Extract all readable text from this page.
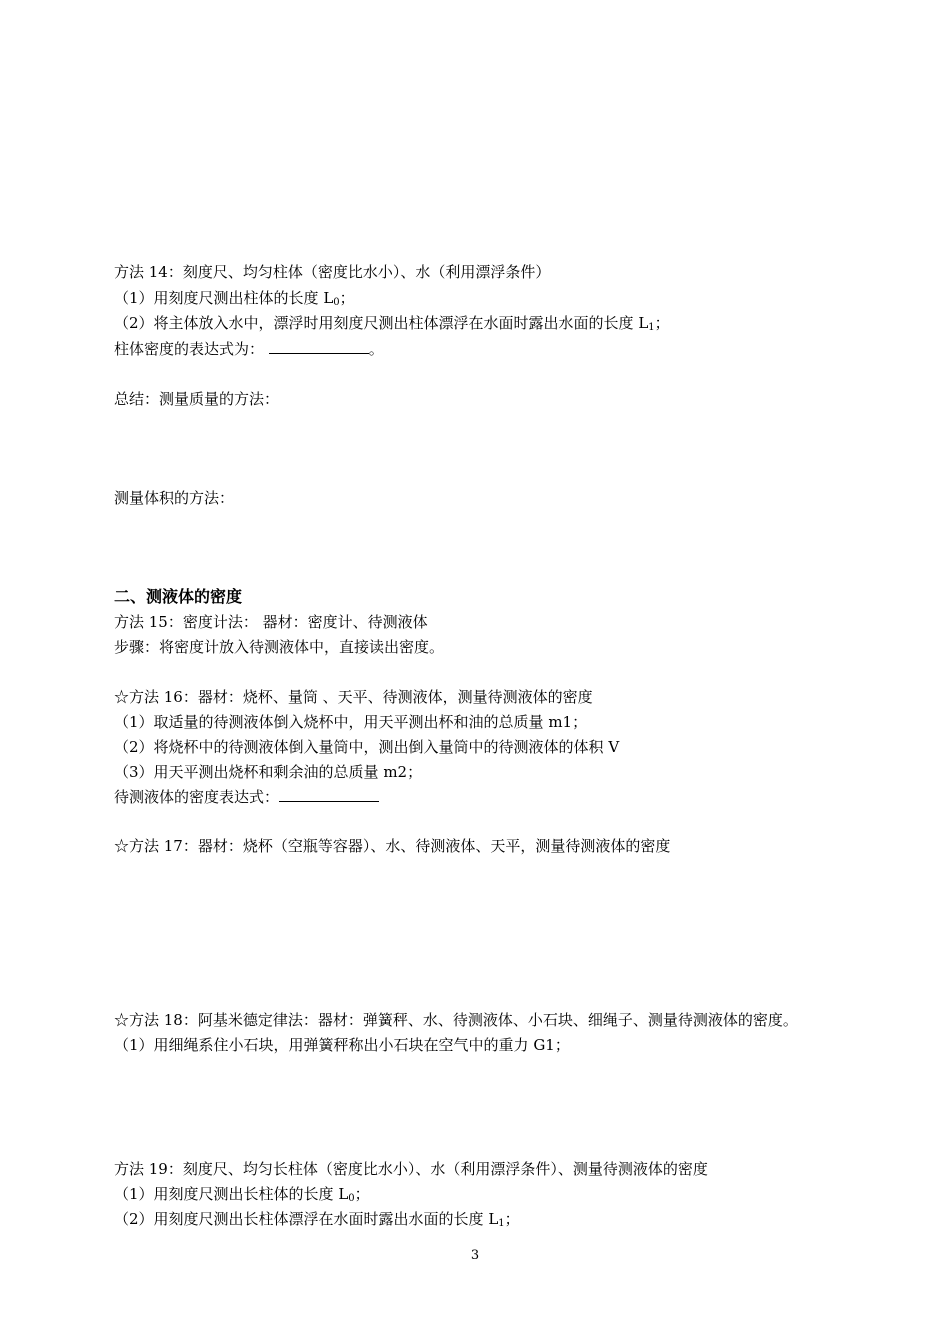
方法 14：刻度尺、均匀柱体（密度比水小）、水（利用漂浮条件）
（1）用刻度尺测出柱体的长度 $L_0$；
（2）将主体放入水中，漂浮时用刻度尺测出柱体漂浮在水面时露出水面的长度 $L_1$；
柱体密度的表达式为：	。
总结：测量质量的方法：
测量体积的方法：
二、测液体的密度
方法 15：密度计法： 器材：密度计、待测液体
步骤：将密度计放入待测液体中，直接读出密度。
☆方法 16：器材：烧杯、量筒 、天平、待测液体，测量待测液体的密度
（1）取适量的待测液体倒入烧杯中，用天平测出杯和油的总质量 m1；
（2）将烧杯中的待测液体倒入量筒中，测出倒入量筒中的待测液体的体积 V
（3）用天平测出烧杯和剩余油的总质量 m2；
待测液体的密度表达式：
☆方法 17：器材：烧杯（空瓶等容器）、水、待测液体、天平，测量待测液体的密度
☆方法 18：阿基米德定律法：器材：弹簧秤、水、待测液体、小石块、细绳子、测量待测液体的密度。
（1）用细绳系住小石块，用弹簧秤称出小石块在空气中的重力 G1；
方法 19：刻度尺、均匀长柱体（密度比水小）、水（利用漂浮条件）、测量待测液体的密度
（1）用刻度尺测出长柱体的长度 $L_0$；
（2）用刻度尺测出长柱体漂浮在水面时露出水面的长度 $L_1$；
3
